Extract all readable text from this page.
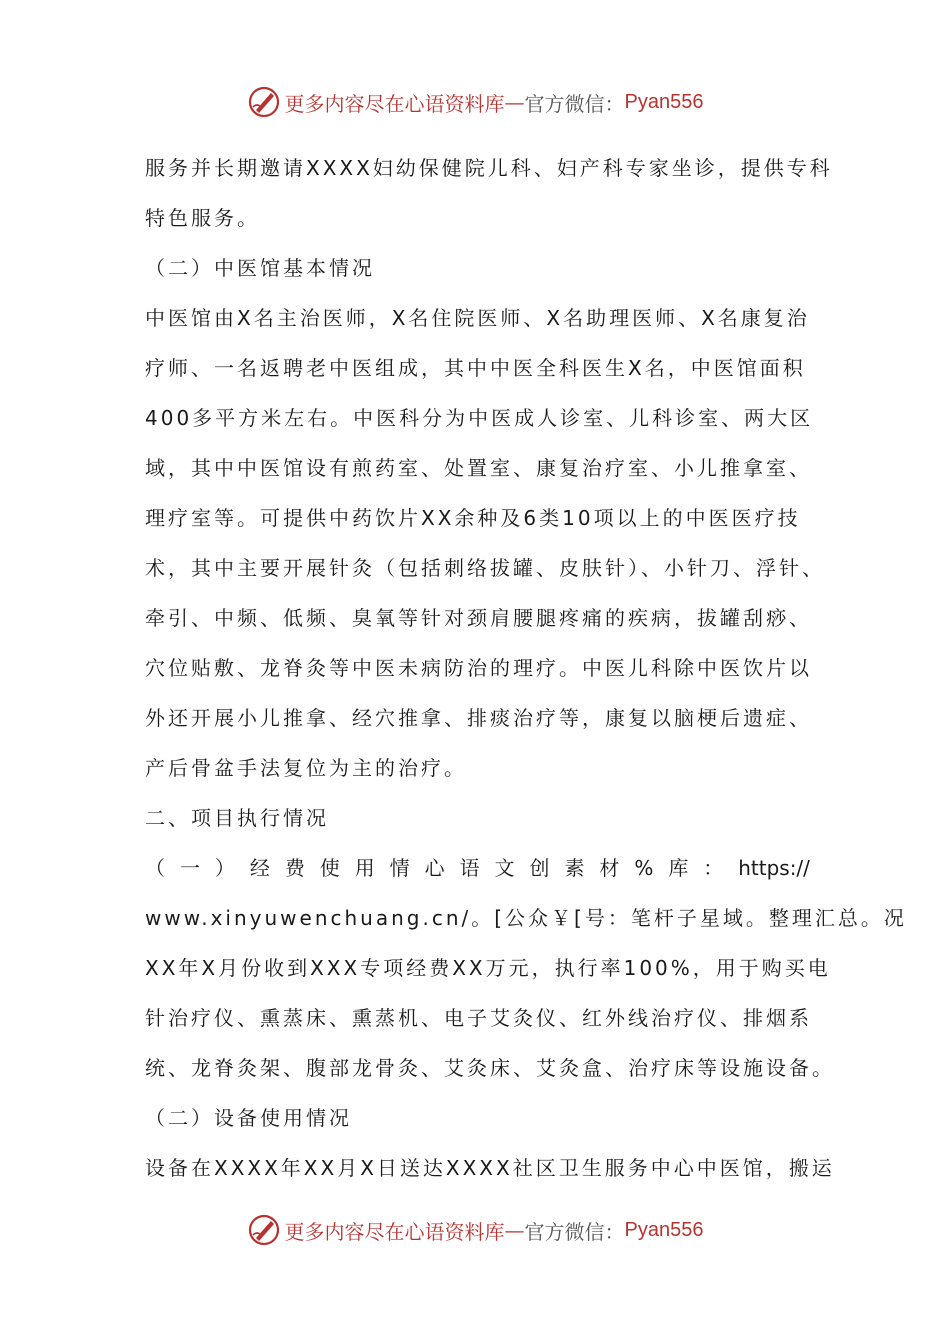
更多内容尽在心语资料库 — 官方微信： Pyan556
服务并长期邀请XXXX妇幼保健院儿科、妇产科专家坐诊，提供专科
特色服务。
（二）中医馆基本情况
中医馆由X名主治医师，X名住院医师、X名助理医师、X名康复治
疗师、一名返聘老中医组成，其中中医全科医生X名，中医馆面积
400多平方米左右。中医科分为中医成人诊室、儿科诊室、两大区
域，其中中医馆设有煎药室、处置室、康复治疗室、小儿推拿室、
理疗室等。可提供中药饮片XX余种及6类10项以上的中医医疗技
术，其中主要开展针灸（包括刺络拔罐、皮肤针）、小针刀、浮针、
牵引、中频、低频、臭氧等针对颈肩腰腿疼痛的疾病，拔罐刮痧、
穴位贴敷、龙脊灸等中医未病防治的理疗。中医儿科除中医饮片以
外还开展小儿推拿、经穴推拿、排痰治疗等，康复以脑梗后遗症、
产后骨盆手法复位为主的治疗。
二、项目执行情况
（ 一 ） 经 费 使 用 情 心 语 文 创 素 材 % 库 ： https://
www.xinyuwenchuang.cn/。[公众￥[号：笔杆子星域。整理汇总。况
XX年X月份收到XXX专项经费XX万元，执行率100%，用于购买电
针治疗仪、熏蒸床、熏蒸机、电子艾灸仪、红外线治疗仪、排烟系
统、龙脊灸架、腹部龙骨灸、艾灸床、艾灸盒、治疗床等设施设备。
（二）设备使用情况
设备在XXXX年XX月X日送达XXXX社区卫生服务中心中医馆，搬运
更多内容尽在心语资料库 — 官方微信： Pyan556
